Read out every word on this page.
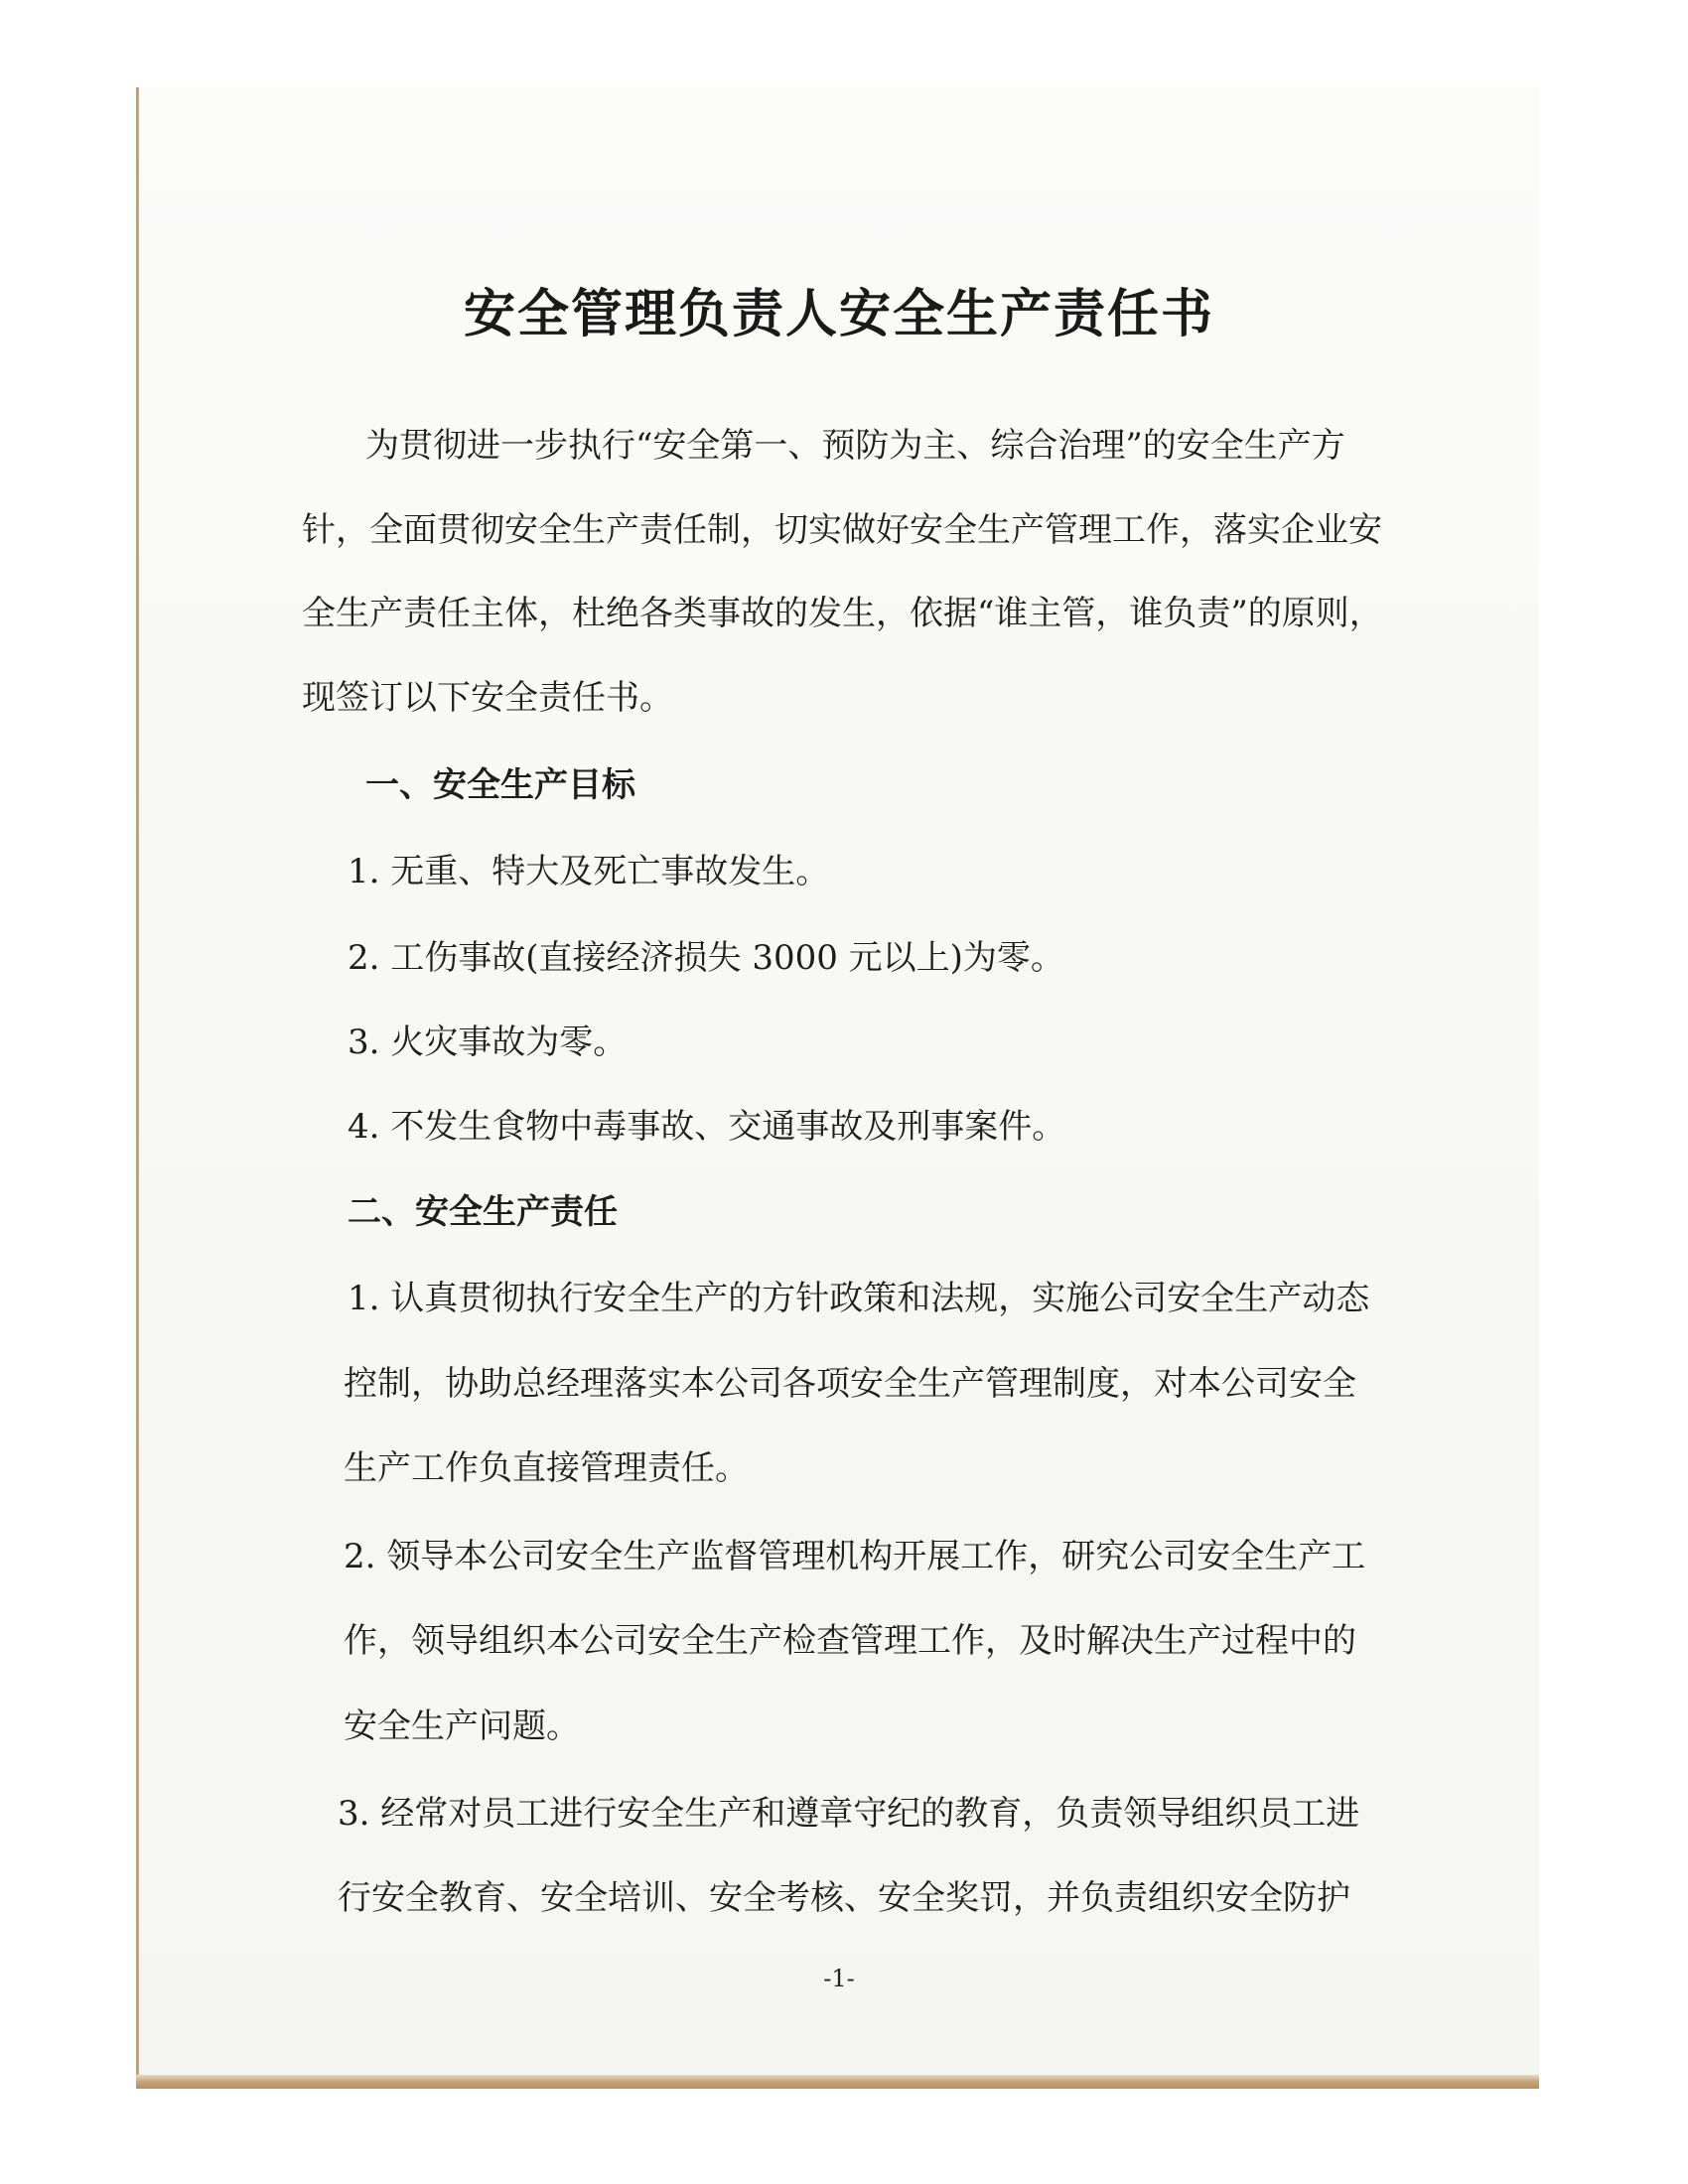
安全管理负责人安全生产责任书
为贯彻进一步执行“安全第一、预防为主、综合治理”的安全生产方
针，全面贯彻安全生产责任制，切实做好安全生产管理工作，落实企业安
全生产责任主体，杜绝各类事故的发生，依据“谁主管，谁负责”的原则，
现签订以下安全责任书。
一、安全生产目标
1. 无重、特大及死亡事故发生。
2. 工伤事故(直接经济损失 3000 元以上)为零。
3. 火灾事故为零。
4. 不发生食物中毒事故、交通事故及刑事案件。
二、安全生产责任
1. 认真贯彻执行安全生产的方针政策和法规，实施公司安全生产动态
控制，协助总经理落实本公司各项安全生产管理制度，对本公司安全
生产工作负直接管理责任。
2. 领导本公司安全生产监督管理机构开展工作，研究公司安全生产工
作，领导组织本公司安全生产检查管理工作，及时解决生产过程中的
安全生产问题。
3. 经常对员工进行安全生产和遵章守纪的教育，负责领导组织员工进
行安全教育、安全培训、安全考核、安全奖罚，并负责组织安全防护
-1-
